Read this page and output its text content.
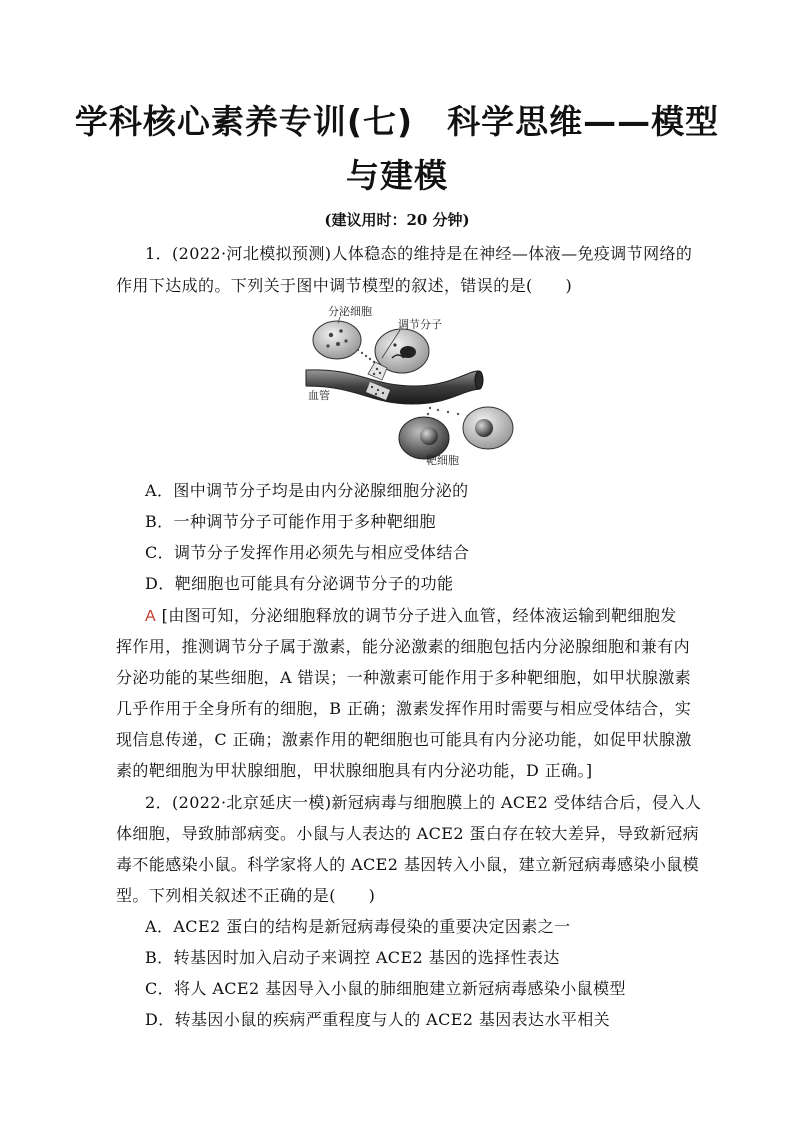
学科核心素养专训(七)　科学思维——模型
与建模
(建议用时：20 分钟)
1．(2022·河北模拟预测)人体稳态的维持是在神经—体液—免疫调节网络的
作用下达成的。下列关于图中调节模型的叙述，错误的是(　　)
分泌细胞
调节分子
血管
靶细胞
A．图中调节分子均是由内分泌腺细胞分泌的
B．一种调节分子可能作用于多种靶细胞
C．调节分子发挥作用必须先与相应受体结合
D．靶细胞也可能具有分泌调节分子的功能
A [由图可知，分泌细胞释放的调节分子进入血管，经体液运输到靶细胞发
挥作用，推测调节分子属于激素，能分泌激素的细胞包括内分泌腺细胞和兼有内
分泌功能的某些细胞，A 错误；一种激素可能作用于多种靶细胞，如甲状腺激素
几乎作用于全身所有的细胞，B 正确；激素发挥作用时需要与相应受体结合，实
现信息传递，C 正确；激素作用的靶细胞也可能具有内分泌功能，如促甲状腺激
素的靶细胞为甲状腺细胞，甲状腺细胞具有内分泌功能，D 正确。]
2．(2022·北京延庆一模)新冠病毒与细胞膜上的 ACE2 受体结合后，侵入人
体细胞，导致肺部病变。小鼠与人表达的 ACE2 蛋白存在较大差异，导致新冠病
毒不能感染小鼠。科学家将人的 ACE2 基因转入小鼠，建立新冠病毒感染小鼠模
型。下列相关叙述不正确的是(　　)
A．ACE2 蛋白的结构是新冠病毒侵染的重要决定因素之一
B．转基因时加入启动子来调控 ACE2 基因的选择性表达
C．将人 ACE2 基因导入小鼠的肺细胞建立新冠病毒感染小鼠模型
D．转基因小鼠的疾病严重程度与人的 ACE2 基因表达水平相关
